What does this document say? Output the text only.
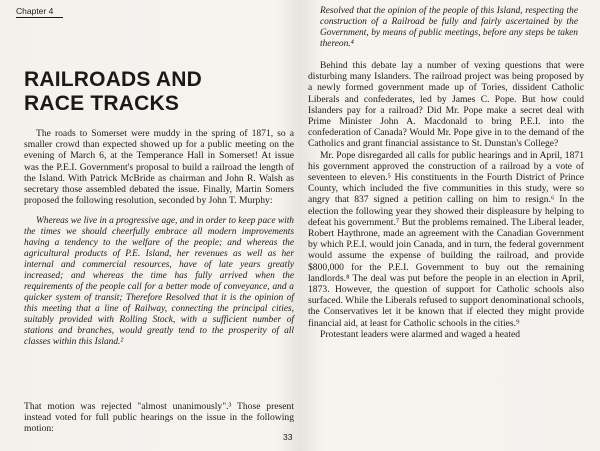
Chapter 4
RAILROADS AND
RACE TRACKS

The roads to Somerset were muddy in the spring of 1871, so a smaller crowd than expected showed up for a public meeting on the evening of March 6, at the Temperance Hall in Somerset! At issue was the P.E.I. Government's proposal to build a railroad the length of the Island. With Patrick McBride as chairman and John R. Walsh as secretary those assembled debated the issue. Finally, Martin Somers proposed the following resolution, seconded by John T. Murphy:

Whereas we live in a progressive age, and in order to keep pace with the times we should cheerfully embrace all modern improvements having a tendency to the welfare of the people; and whereas the agricultural products of P.E. Island, her revenues as well as her internal and commercial resources, have of late years greatly increased; and whereas the time has fully arrived when the requirements of the people call for a better mode of conveyance, and a quicker system of transit; Therefore Resolved that it is the opinion of this meeting that a line of Railway, connecting the principal cities, suitably provided with Rolling Stock, with a sufficient number of stations and branches, would greatly tend to the prosperity of all classes within this Island.²

That motion was rejected "almost unanimously".³ Those present instead voted for full public hearings on the issue in the following motion:

Resolved that the opinion of the people of this Island, respecting the construction of a Railroad be fully and fairly ascertained by the Government, by means of public meetings, before any steps be taken thereon.⁴

Behind this debate lay a number of vexing questions that were disturbing many Islanders. The railroad project was being proposed by a newly formed government made up of Tories, dissident Catholic Liberals and confederates, led by James C. Pope. But how could Islanders pay for a railroad? Did Mr. Pope make a secret deal with Prime Minister John A. Macdonald to bring P.E.I. into the confederation of Canada? Would Mr. Pope give in to the demand of the Catholics and grant financial assistance to St. Dunstan's College?

Mr. Pope disregarded all calls for public hearings and in April, 1871 his government approved the construction of a railroad by a vote of seventeen to eleven.⁵ His constituents in the Fourth District of Prince County, which included the five communities in this study, were so angry that 837 signed a petition calling on him to resign.⁶ In the election the following year they showed their displeasure by helping to defeat his government.⁷ But the problems remained. The Liberal leader, Robert Haythrone, made an agreement with the Canadian Government by which P.E.I. would join Canada, and in turn, the federal government would assume the expense of building the railroad, and provide $800,000 for the P.E.I. Government to buy out the remaining landlords.⁸ The deal was put before the people in an election in April, 1873. However, the question of support for Catholic schools also surfaced. While the Liberals refused to support denominational schools, the Conservatives let it be known that if elected they might provide financial aid, at least for Catholic schools in the cities.⁹

Protestant leaders were alarmed and waged a heated

33
